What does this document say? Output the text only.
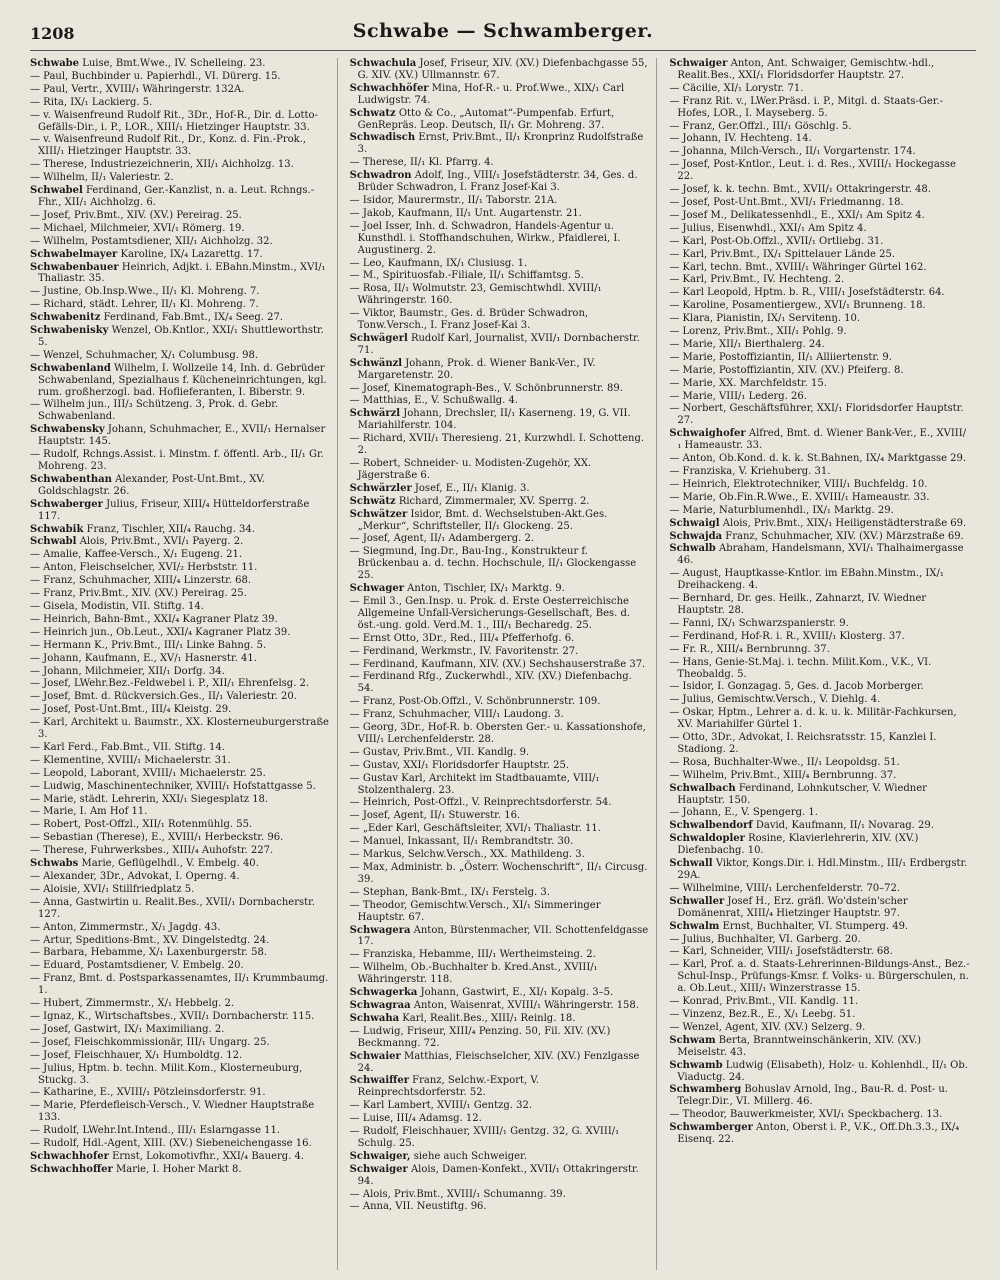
1208	Schwabe — Schwamberger.
Schwabe Luise, Bmt.Wwe., IV. Schelleing. 23.
— Paul, Buchbinder u. Papierhdl., VI. Dürerg. 15.
— Paul, Vertr., XVIII/₁ Währingerstr. 132A.
— Rita, IX/₁ Lackierg. 5.
— v. Waisenfreund Rudolf Rit., 3Dr., Hof-R., Dir. d. Lotto-Gefälls-Dir., i. P., LOR., XIII/₁ Hietzinger Hauptstr. 33.
— v. Waisenfreund Rudolf Rit., Dr., Konz. d. Fin.-Prok., XIII/₁ Hietzinger Hauptstr. 33.
— Therese, Industriezeichnerin, XII/₁ Aichholzg. 13.
— Wilhelm, II/₁ Valeriestr. 2.
Schwabel Ferdinand, Ger.-Kanzlist, n. a. Leut. Rchngs.-Fhr., XII/₁ Aichholzg. 6.
— Josef, Priv.Bmt., XIV. (XV.) Pereirag. 25.
— Michael, Milchmeier, XVI/₁ Römerg. 19.
— Wilhelm, Postamtsdiener, XII/₁ Aichholzg. 32.
Schwabelmayer Karoline, IX/₄ Lazarettg. 17.
Schwabenbauer Heinrich, Adjkt. i. EBahn.Minstm., XVI/₁ Thaliastr. 35.
— Justine, Ob.Insp.Wwe., II/₁ Kl. Mohreng. 7.
— Richard, städt. Lehrer, II/₁ Kl. Mohreng. 7.
Schwabenitz Ferdinand, Fab.Bmt., IX/₄ Seeg. 27.
Schwabenisky Wenzel, Ob.Kntlor., XXI/₁ Shuttleworthstr. 5.
— Wenzel, Schuhmacher, X/₁ Columbusg. 98.
Schwabenland Wilhelm, I. Wollzeile 14, Inh. d. Gebrüder Schwabenland, Spezialhaus f. Kücheneinrichtungen, kgl. rum. großherzogl. bad. Hoflieferanten, I. Biberstr. 9.
— Wilhelm jun., III/₃ Schützeng. 3, Prok. d. Gebr. Schwabenland.
Schwabensky Johann, Schuhmacher, E., XVII/₁ Hernalser Hauptstr. 145.
— Rudolf, Rchngs.Assist. i. Minstm. f. öffentl. Arb., II/₁ Gr. Mohreng. 23.
Schwabenthan Alexander, Post-Unt.Bmt., XV. Goldschlagstr. 26.
Schwaberger Julius, Friseur, XIII/₄ Hütteldorferstraße 117.
Schwabik Franz, Tischler, XII/₄ Rauchg. 34.
Schwabl Alois, Priv.Bmt., XVI/₁ Payerg. 2.
— Amalie, Kaffee-Versch., X/₁ Eugeng. 21.
— Anton, Fleischselcher, XVI/₂ Herbststr. 11.
— Franz, Schuhmacher, XIII/₄ Linzerstr. 68.
— Franz, Priv.Bmt., XIV. (XV.) Pereirag. 25.
— Gisela, Modistin, VII. Stiftg. 14.
— Heinrich, Bahn-Bmt., XXI/₄ Kagraner Platz 39.
— Heinrich jun., Ob.Leut., XXI/₄ Kagraner Platz 39.
— Hermann K., Priv.Bmt., III/₁ Linke Bahng. 5.
— Johann, Kaufmann, E., XV/₁ Hasnerstr. 41.
— Johann, Milchmeier, XII/₁ Dorfg. 34.
— Josef, LWehr.Bez.-Feldwebel i. P., XII/₁ Ehrenfelsg. 2.
— Josef, Bmt. d. Rückversich.Ges., II/₁ Valeriestr. 20.
— Josef, Post-Unt.Bmt., III/₄ Kleistg. 29.
— Karl, Architekt u. Baumstr., XX. Klosterneuburgerstraße 3.
— Karl Ferd., Fab.Bmt., VII. Stiftg. 14.
— Klementine, XVIII/₁ Michaelerstr. 31.
— Leopold, Laborant, XVIII/₁ Michaelerstr. 25.
— Ludwig, Maschinentechniker, XVIII/₁ Hofstattgasse 5.
— Marie, städt. Lehrerin, XXI/₁ Siegesplatz 18.
— Marie, I. Am Hof 11.
— Robert, Post-Offzl., XII/₁ Rotenmühlg. 55.
— Sebastian (Therese), E., XVIII/₁ Herbeckstr. 96.
— Therese, Fuhrwerksbes., XIII/₄ Auhofstr. 227.
Schwabs Marie, Geflügelhdl., V. Embelg. 40.
— Alexander, 3Dr., Advokat, I. Operng. 4.
— Aloisie, XVI/₁ Stillfriedplatz 5.
— Anna, Gastwirtin u. Realit.Bes., XVII/₁ Dornbacherstr. 127.
— Anton, Zimmermstr., X/₁ Jagdg. 43.
— Artur, Speditions-Bmt., XV. Dingelstedtg. 24.
— Barbara, Hebamme, X/₁ Laxenburgerstr. 58.
— Eduard, Postamtsdiener, V. Embelg. 20.
— Franz, Bmt. d. Postsparkassenamtes, II/₁ Krummbaumg. 1.
— Hubert, Zimmermstr., X/₁ Hebbelg. 2.
— Ignaz, K., Wirtschaftsbes., XVII/₁ Dornbacherstr. 115.
— Josef, Gastwirt, IX/₁ Maximiliang. 2.
— Josef, Fleischkommissionär, III/₁ Ungarg. 25.
— Josef, Fleischhauer, X/₁ Humboldtg. 12.
— Julius, Hptm. b. techn. Milit.Kom., Klosterneuburg, Stuckg. 3.
— Katharine, E., XVIII/₁ Pötzleinsdorferstr. 91.
— Marie, Pferdefleisch-Versch., V. Wiedner Hauptstraße 133.
— Rudolf, LWehr.Int.Intend., III/₁ Eslarngasse 11.
— Rudolf, Hdl.-Agent, XIII. (XV.) Siebeneichengasse 16.
Schwachhofer Ernst, Lokomotivfhr., XXI/₄ Bauerg. 4.
Schwachhoffer Marie, I. Hoher Markt 8.
Schwachula Josef, Friseur, XIV. (XV.) Diefenbachgasse 55, G. XIV. (XV.) Ullmannstr. 67.
Schwachhöfer Mina, Hof-R.- u. Prof.Wwe., XIX/₁ Carl Ludwigstr. 74.
Schwatz Otto & Co., „Automat“-Pumpenfab. Erfurt, GenRepräs. Leop. Deutsch, II/₁ Gr. Mohreng. 37.
Schwadisch Ernst, Priv.Bmt., II/₁ Kronprinz Rudolfstraße 3.
— Therese, II/₁ Kl. Pfarrg. 4.
Schwadron Adolf, Ing., VIII/₁ Josefstädterstr. 34, Ges. d. Brüder Schwadron, I. Franz Josef-Kai 3.
— Isidor, Maurermstr., II/₁ Taborstr. 21A.
— Jakob, Kaufmann, II/₁ Unt. Augartenstr. 21.
— Joel Isser, Inh. d. Schwadron, Handels-Agentur u. Kunsthdl. i. Stoffhandschuhen, Wirkw., Pfaidlerei, I. Augustinerg. 2.
— Leo, Kaufmann, IX/₁ Clusiusg. 1.
— M., Spirituosfab.-Filiale, II/₁ Schiffamtsg. 5.
— Rosa, II/₁ Wolmutstr. 23, Gemischtwhdl. XVIII/₁ Währingerstr. 160.
— Viktor, Baumstr., Ges. d. Brüder Schwadron, Tonw.Versch., I. Franz Josef-Kai 3.
Schwägerl Rudolf Karl, Journalist, XVII/₁ Dornbacherstr. 71.
Schwänzl Johann, Prok. d. Wiener Bank-Ver., IV. Margaretenstr. 20.
— Josef, Kinematograph-Bes., V. Schönbrunnerstr. 89.
— Matthias, E., V. Schußwallg. 4.
Schwärzl Johann, Drechsler, II/₁ Kaserneng. 19, G. VII. Mariahilferstr. 104.
— Richard, XVII/₁ Theresieng. 21, Kurzwhdl. I. Schotteng. 2.
— Robert, Schneider- u. Modisten-Zugehör, XX. Jägerstraße 6.
Schwärzler Josef, E., II/₁ Klanig. 3.
Schwätz Richard, Zimmermaler, XV. Sperrg. 2.
Schwätzer Isidor, Bmt. d. Wechselstuben-Akt.Ges. „Merkur“, Schriftsteller, II/₁ Glockeng. 25.
— Josef, Agent, II/₁ Adambergerg. 2.
— Siegmund, Ing.Dr., Bau-Ing., Konstrukteur f. Brückenbau a. d. techn. Hochschule, II/₁ Glockengasse 25.
Schwager Anton, Tischler, IX/₁ Marktg. 9.
— Emil 3., Gen.Insp. u. Prok. d. Erste Oesterreichische Allgemeine Unfall-Versicherungs-Gesellschaft, Bes. d. öst.-ung. gold. Verd.M. 1., III/₁ Becharedg. 25.
— Ernst Otto, 3Dr., Red., III/₄ Pfefferhofg. 6.
— Ferdinand, Werkmstr., IV. Favoritenstr. 27.
— Ferdinand, Kaufmann, XIV. (XV.) Sechshauserstraße 37.
— Ferdinand Rfg., Zuckerwhdl., XIV. (XV.) Diefenbachg. 54.
— Franz, Post-Ob.Offzl., V. Schönbrunnerstr. 109.
— Franz, Schuhmacher, VIII/₁ Laudong. 3.
— Georg, 3Dr., Hof-R. b. Obersten Ger.- u. Kassationshofe, VIII/₁ Lerchenfelderstr. 28.
— Gustav, Priv.Bmt., VII. Kandlg. 9.
— Gustav, XXI/₁ Floridsdorfer Hauptstr. 25.
— Gustav Karl, Architekt im Stadtbauamte, VIII/₁ Stolzenthalerg. 23.
— Heinrich, Post-Offzl., V. Reinprechtsdorferstr. 54.
— Josef, Agent, II/₁ Stuwerstr. 16.
— „Eder Karl, Geschäftsleiter, XVI/₁ Thaliastr. 11.
— Manuel, Inkassant, II/₁ Rembrandtstr. 30.
— Markus, Selchw.Versch., XX. Mathildeng. 3.
— Max, Administr. b. „Österr. Wochenschrift“, II/₁ Circusg. 39.
— Stephan, Bank-Bmt., IX/₁ Ferstelg. 3.
— Theodor, Gemischtw.Versch., XI/₁ Simmeringer Hauptstr. 67.
Schwagera Anton, Bürstenmacher, VII. Schottenfeldgasse 17.
— Franziska, Hebamme, III/₁ Wertheimsteing. 2.
— Wilhelm, Ob.-Buchhalter b. Kred.Anst., XVIII/₁ Währingerstr. 118.
Schwagerka Johann, Gastwirt, E., XI/₁ Kopalg. 3–5.
Schwagraa Anton, Waisenrat, XVIII/₁ Währingerstr. 158.
Schwaha Karl, Realit.Bes., XIII/₁ Reinlg. 18.
— Ludwig, Friseur, XIII/₄ Penzing. 50, Fil. XIV. (XV.) Beckmanng. 72.
Schwaier Matthias, Fleischselcher, XIV. (XV.) Fenzlgasse 24.
Schwaiffer Franz, Selchw.-Export, V. Reinprechtsdorferstr. 52.
— Karl Lambert, XVIII/₁ Gentzg. 32.
— Luise, III/₄ Adamsg. 12.
— Rudolf, Fleischhauer, XVIII/₁ Gentzg. 32, G. XVIII/₁ Schulg. 25.
Schwaiger, siehe auch Schweiger.
Schwaiger Alois, Damen-Konfekt., XVII/₁ Ottakringerstr. 94.
— Alois, Priv.Bmt., XVIII/₁ Schumanng. 39.
— Anna, VII. Neustiftg. 96.
Schwaiger Anton, Ant. Schwaiger, Gemischtw.-hdl., Realit.Bes., XXI/₁ Floridsdorfer Hauptstr. 27.
— Cäcilie, XI/₁ Lorystr. 71.
— Franz Rit. v., LWer.Präsd. i. P., Mitgl. d. Staats-Ger.-Hofes, LOR., I. Mayseberg. 5.
— Franz, Ger.Offzl., III/₁ Göschlg. 5.
— Johann, IV. Hechteng. 14.
— Johanna, Milch-Versch., II/₁ Vorgartenstr. 174.
— Josef, Post-Kntlor., Leut. i. d. Res., XVIII/₁ Hockegasse 22.
— Josef, k. k. techn. Bmt., XVII/₁ Ottakringerstr. 48.
— Josef, Post-Unt.Bmt., XVI/₁ Friedmanng. 18.
— Josef M., Delikatessenhdl., E., XXI/₁ Am Spitz 4.
— Julius, Eisenwhdl., XXI/₁ Am Spitz 4.
— Karl, Post-Ob.Offzl., XVII/₁ Ortliebg. 31.
— Karl, Priv.Bmt., IX/₁ Spittelauer Lände 25.
— Karl, techn. Bmt., XVIII/₁ Währinger Gürtel 162.
— Karl, Priv.Bmt., IV. Hechteng. 2.
— Karl Leopold, Hptm. b. R., VIII/₁ Josefstädterstr. 64.
— Karoline, Posamentiergew., XVI/₁ Brunneng. 18.
— Klara, Pianistin, IX/₁ Servitenŋ. 10.
— Lorenz, Priv.Bmt., XII/₁ Pohlg. 9.
— Marie, XII/₁ Bierthalerg. 24.
— Marie, Postoffiziantin, II/₁ Alliiertenstr. 9.
— Marie, Postoffiziantin, XIV. (XV.) Pfeiferg. 8.
— Marie, XX. Marchfeldstr. 15.
— Marie, VIII/₁ Lederg. 26.
— Norbert, Geschäftsführer, XXI/₁ Floridsdorfer Hauptstr. 27.
Schwaighofer Alfred, Bmt. d. Wiener Bank-Ver., E., XVIII/₁ Hameaustr. 33.
— Anton, Ob.Kond. d. k. k. St.Bahnen, IX/₄ Marktgasse 29.
— Franziska, V. Kriehuberg. 31.
— Heinrich, Elektrotechniker, VIII/₁ Buchfeldg. 10.
— Marie, Ob.Fin.R.Wwe., E. XVIII/₁ Hameaustr. 33.
— Marie, Naturblumenhdl., IX/₁ Marktg. 29.
Schwaigl Alois, Priv.Bmt., XIX/₁ Heiligenstädterstraße 69.
Schwajda Franz, Schuhmacher, XIV. (XV.) Märzstraße 69.
Schwalb Abraham, Handelsmann, XVI/₁ Thalhaimergasse 46.
— August, Hauptkasse-Kntlor. im EBahn.Minstm., IX/₁ Dreihackeng. 4.
— Bernhard, Dr. ges. Heilk., Zahnarzt, IV. Wiedner Hauptstr. 28.
— Fanni, IX/₁ Schwarzspanierstr. 9.
— Ferdinand, Hof-R. i. R., XVIII/₁ Klosterg. 37.
— Fr. R., XIII/₄ Bernbrunng. 37.
— Hans, Genie-St.Maj. i. techn. Milit.Kom., V.K., VI. Theobaldg. 5.
— Isidor, I. Gonzagag. 5, Ges. d. Jacob Morberger.
— Julius, Gemischtw.Versch., V. Diehlg. 4.
— Oskar, Hptm., Lehrer a. d. k. u. k. Militär-Fachkursen, XV. Mariahilfer Gürtel 1.
— Otto, 3Dr., Advokat, I. Reichsratsstr. 15, Kanzlei I. Stadiong. 2.
— Rosa, Buchhalter-Wwe., II/₁ Leopoldsg. 51.
— Wilhelm, Priv.Bmt., XIII/₄ Bernbrunng. 37.
Schwalbach Ferdinand, Lohnkutscher, V. Wiedner Hauptstr. 150.
— Johann, E., V. Spengerg. 1.
Schwalbendorf David, Kaufmann, II/₁ Novarag. 29.
Schwaldopler Rosine, Klavierlehrerin, XIV. (XV.) Diefenbachg. 10.
Schwall Viktor, Kongs.Dir. i. Hdl.Minstm., III/₁ Erdbergstr. 29A.
— Wilhelmine, VIII/₁ Lerchenfelderstr. 70–72.
Schwaller Josef H., Erz. gräfl. Wo'dstein'scher Domänenrat, XIII/₄ Hietzinger Hauptstr. 97.
Schwalm Ernst, Buchhalter, VI. Stumperg. 49.
— Julius, Buchhalter, VI. Garberg. 20.
— Karl, Schneider, VIII/₁ Josefstädterstr. 68.
— Karl, Prof. a. d. Staats-Lehrerinnen-Bildungs-Anst., Bez.-Schul-Insp., Prüfungs-Kmsr. f. Volks- u. Bürgerschulen, n. a. Ob.Leut., XIII/₁ Winzerstrasse 15.
— Konrad, Priv.Bmt., VII. Kandlg. 11.
— Vinzenz, Bez.R., E., X/₁ Leebg. 51.
— Wenzel, Agent, XIV. (XV.) Selzerg. 9.
Schwam Berta, Branntweinschänkerin, XIV. (XV.) Meiselstr. 43.
Schwamb Ludwig (Elisabeth), Holz- u. Kohlenhdl., II/₁ Ob. Viaductg. 24.
Schwamberg Bohuslav Arnold, Ing., Bau-R. d. Post- u. Telegr.Dir., VI. Millerg. 46.
— Theodor, Bauwerkmeister, XVI/₁ Speckbacherg. 13.
Schwamberger Anton, Oberst i. P., V.K., Off.Dh.3.3., IX/₄ Eisenq. 22.
